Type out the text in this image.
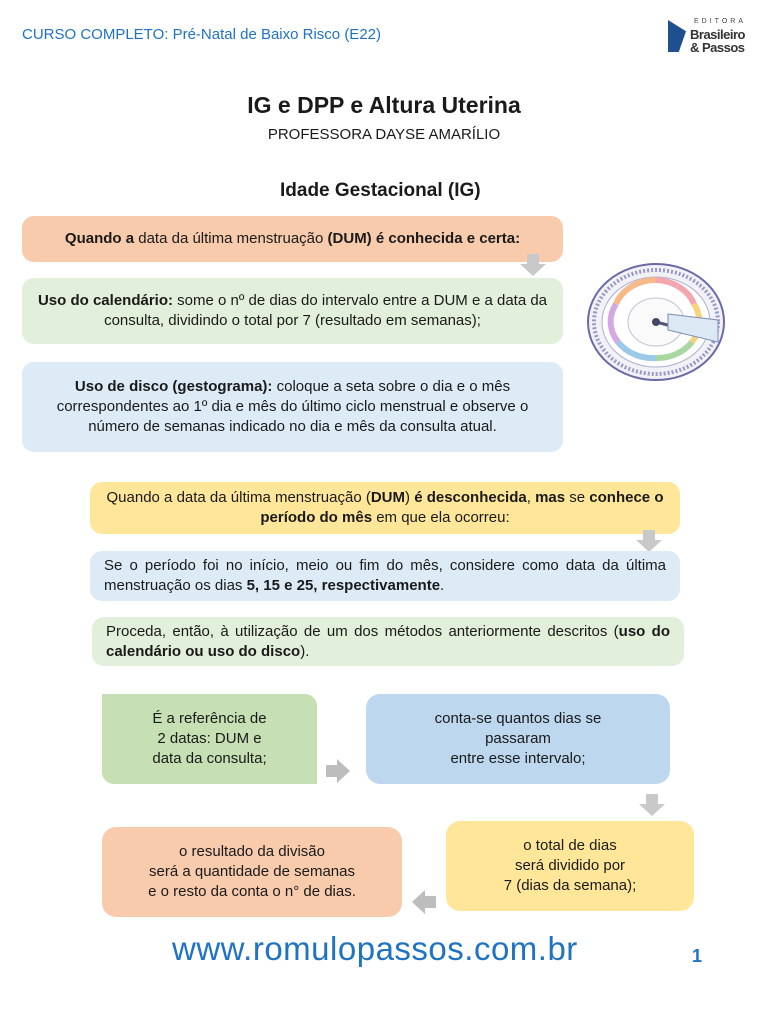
CURSO COMPLETO: Pré-Natal de Baixo Risco (E22)
EDITORA
Brasileiro
& Passos
IG e DPP e Altura Uterina
PROFESSORA DAYSE AMARÍLIO
Idade Gestacional (IG)

Quando a data da última menstruação (DUM) é conhecida e certa:

Uso do calendário: some o nº de dias do intervalo entre a DUM e a data da consulta, dividindo o total por 7 (resultado em semanas);

Uso de disco (gestograma): coloque a seta sobre o dia e o mês correspondentes ao 1º dia e mês do último ciclo menstrual e observe o número de semanas indicado no dia e mês da consulta atual.

Quando a data da última menstruação (DUM) é desconhecida, mas se conhece o período do mês em que ela ocorreu:

Se o período foi no início, meio ou fim do mês, considere como data da última menstruação os dias 5, 15 e 25, respectivamente.

Proceda, então, à utilização de um dos métodos anteriormente descritos (uso do calendário ou uso do disco).

É a referência de
2 datas: DUM e
data da consulta;

conta-se quantos dias se
passaram
entre esse intervalo;

o total de dias
será dividido por
7 (dias da semana);

o resultado da divisão
será a quantidade de semanas
e o resto da conta o n° de dias.

www.romulopassos.com.br	1
